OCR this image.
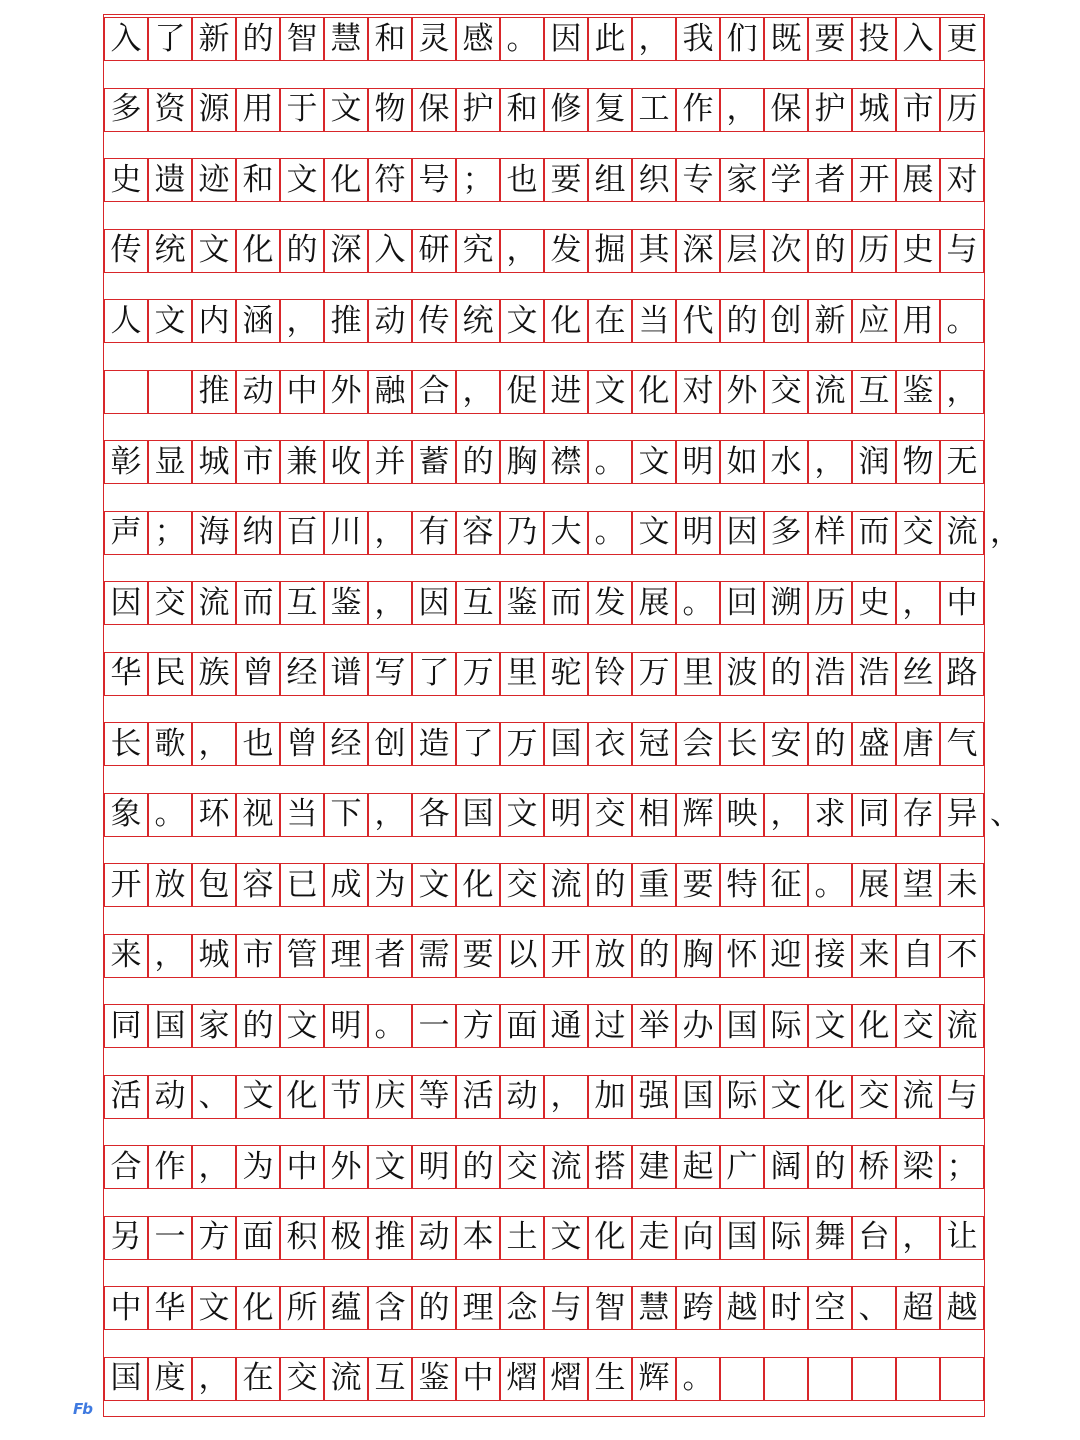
入 了 新 的 智 慧 和 灵 感 。 因 此 ， 我 们 既 要 投 入 更
多 资 源 用 于 文 物 保 护 和 修 复 工 作 ， 保 护 城 市 历
史 遗 迹 和 文 化 符 号 ； 也 要 组 织 专 家 学 者 开 展 对
传 统 文 化 的 深 入 研 究 ， 发 掘 其 深 层 次 的 历 史 与
人 文 内 涵 ， 推 动 传 统 文 化 在 当 代 的 创 新 应 用 。
推 动 中 外 融 合 ， 促 进 文 化 对 外 交 流 互 鉴 ，
彰 显 城 市 兼 收 并 蓄 的 胸 襟 。 文 明 如 水 ， 润 物 无
声 ； 海 纳 百 川 ， 有 容 乃 大 。 文 明 因 多 样 而 交 流
因 交 流 而 互 鉴 ， 因 互 鉴 而 发 展 。 回 溯 历 史 ， 中
华 民 族 曾 经 谱 写 了 万 里 驼 铃 万 里 波 的 浩 浩 丝 路
长 歌 ， 也 曾 经 创 造 了 万 国 衣 冠 会 长 安 的 盛 唐 气
象 。 环 视 当 下 ， 各 国 文 明 交 相 辉 映 ， 求 同 存 异
开 放 包 容 已 成 为 文 化 交 流 的 重 要 特 征 。 展 望 未
来 ， 城 市 管 理 者 需 要 以 开 放 的 胸 怀 迎 接 来 自 不
同 国 家 的 文 明 。 一 方 面 通 过 举 办 国 际 文 化 交 流
活 动 、 文 化 节 庆 等 活 动 ， 加 强 国 际 文 化 交 流 与
合 作 ， 为 中 外 文 明 的 交 流 搭 建 起 广 阔 的 桥 梁 ；
另 一 方 面 积 极 推 动 本 土 文 化 走 向 国 际 舞 台 ， 让
中 华 文 化 所 蕴 含 的 理 念 与 智 慧 跨 越 时 空 、 超 越
国 度 ， 在 交 流 互 鉴 中 熠 熠 生 辉 。
，
、
Fb
